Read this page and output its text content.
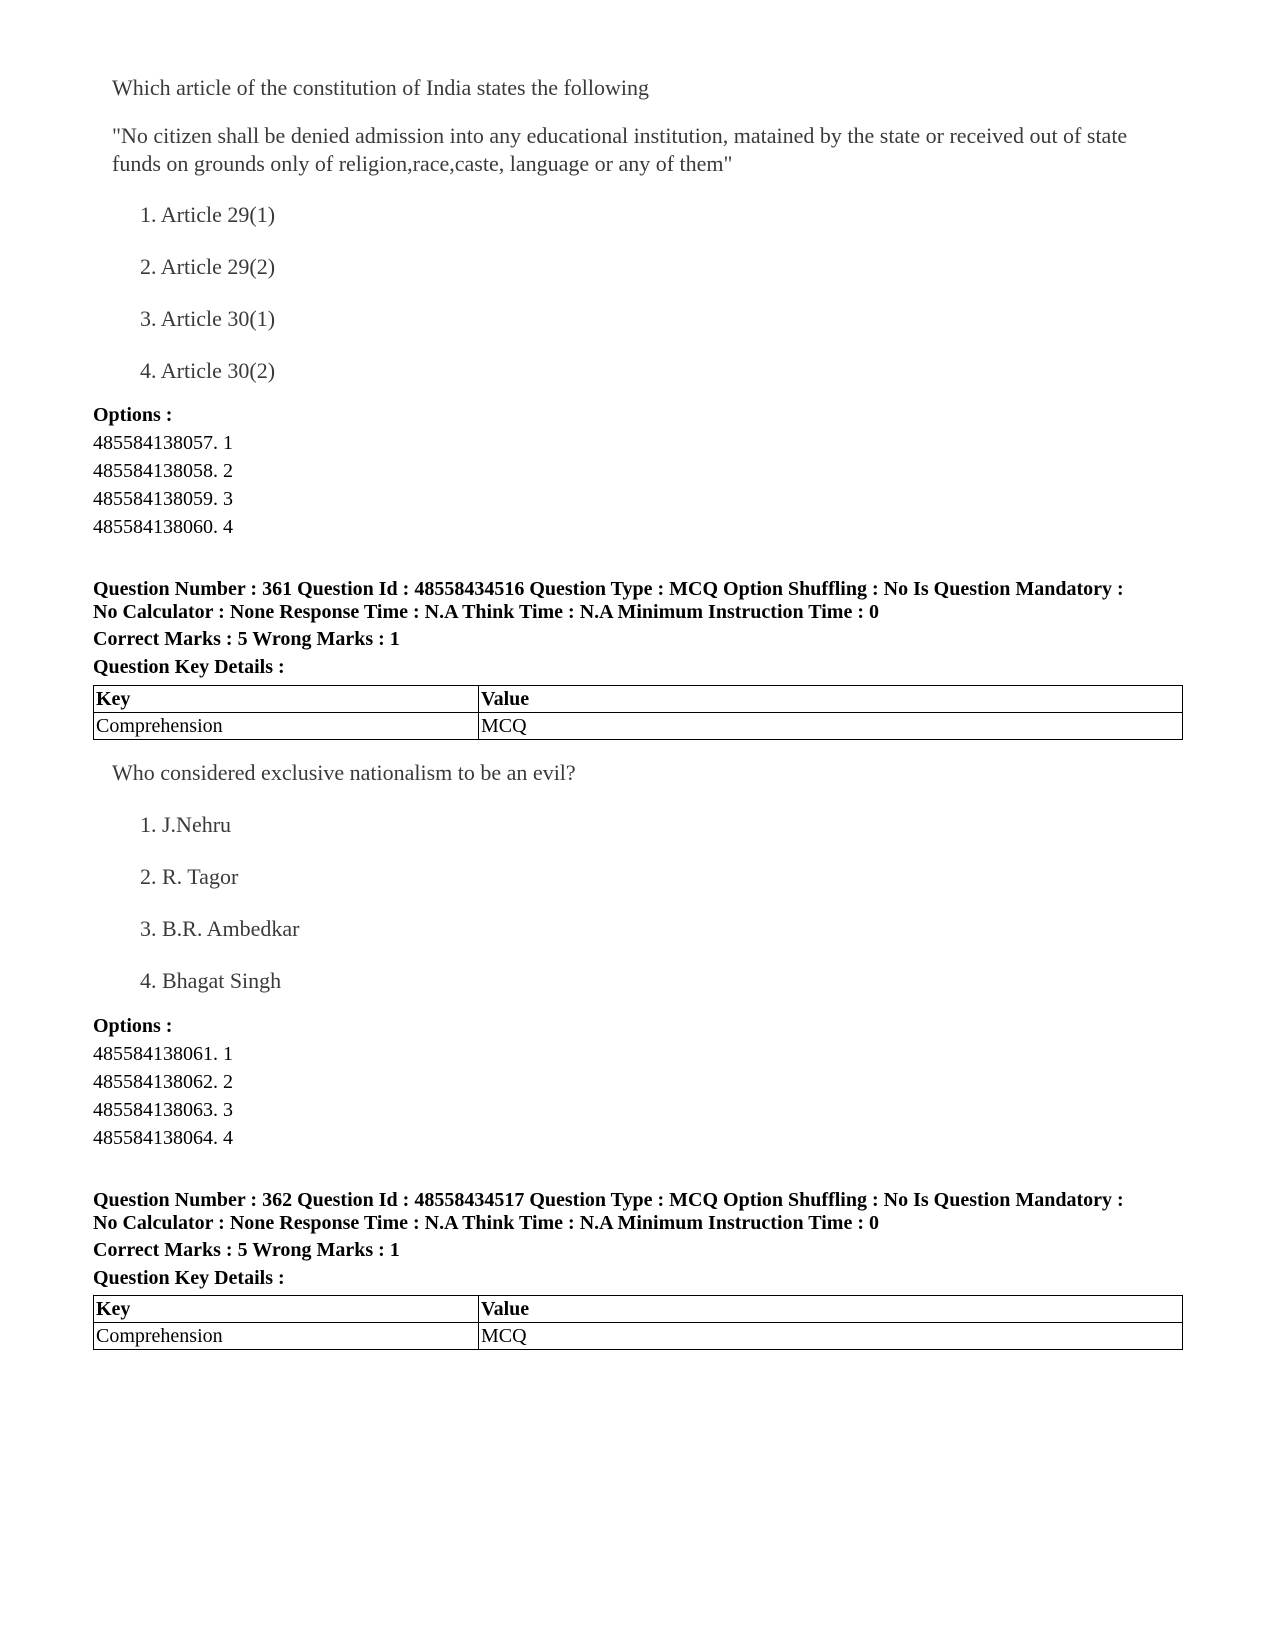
Which article of the constitution of India states the following
"No citizen shall be denied admission into any educational institution, matained by the state or received out of state funds on grounds only of religion,race,caste, language or any of them"
1. Article 29(1)
2. Article 29(2)
3. Article 30(1)
4. Article 30(2)
Options :
485584138057. 1
485584138058. 2
485584138059. 3
485584138060. 4
Question Number : 361 Question Id : 48558434516 Question Type : MCQ Option Shuffling : No Is Question Mandatory :
No Calculator : None Response Time : N.A Think Time : N.A Minimum Instruction Time : 0
Correct Marks : 5 Wrong Marks : 1
Question Key Details :
Key	Value
Comprehension	MCQ
Who considered exclusive nationalism to be an evil?
1. J.Nehru
2. R. Tagor
3. B.R. Ambedkar
4. Bhagat Singh
Options :
485584138061. 1
485584138062. 2
485584138063. 3
485584138064. 4
Question Number : 362 Question Id : 48558434517 Question Type : MCQ Option Shuffling : No Is Question Mandatory :
No Calculator : None Response Time : N.A Think Time : N.A Minimum Instruction Time : 0
Correct Marks : 5 Wrong Marks : 1
Question Key Details :
Key	Value
Comprehension	MCQ
